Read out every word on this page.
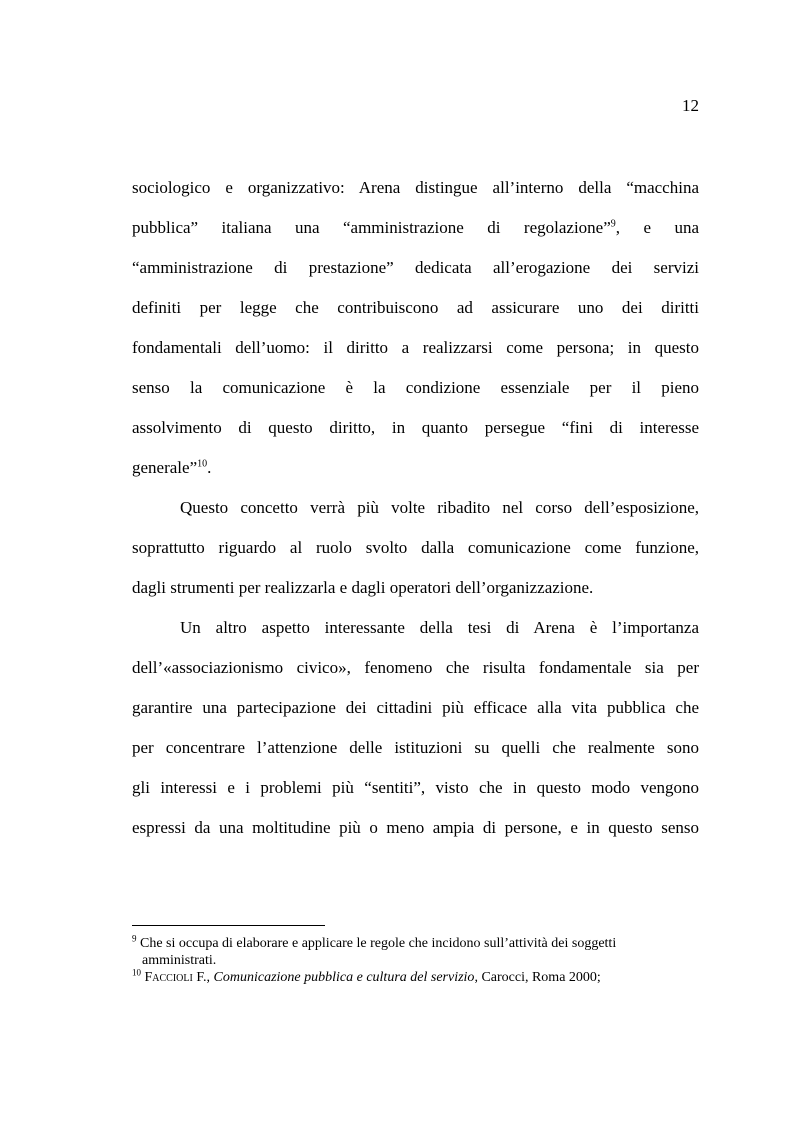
12

sociologico e organizzativo: Arena distingue all’interno della “macchina
pubblica” italiana una “amministrazione di regolazione”$^9$, e una
“amministrazione di prestazione” dedicata all’erogazione dei servizi
definiti per legge che contribuiscono ad assicurare uno dei diritti
fondamentali dell’uomo: il diritto a realizzarsi come persona; in questo
senso la comunicazione è la condizione essenziale per il pieno
assolvimento di questo diritto, in quanto persegue “fini di interesse
generale”$^{10}$.

Questo concetto verrà più volte ribadito nel corso dell’esposizione,
soprattutto riguardo al ruolo svolto dalla comunicazione come funzione,
dagli strumenti per realizzarla e dagli operatori dell’organizzazione.

Un altro aspetto interessante della tesi di Arena è l’importanza
dell’«associazionismo civico», fenomeno che risulta fondamentale sia per
garantire una partecipazione dei cittadini più efficace alla vita pubblica che
per concentrare l’attenzione delle istituzioni su quelli che realmente sono
gli interessi e i problemi più “sentiti”, visto che in questo modo vengono
espressi da una moltitudine più o meno ampia di persone, e in questo senso

$^9$ Che si occupa di elaborare e applicare le regole che incidono sull’attività dei soggetti
amministrati.

$^{10}$ Faccioli F., Comunicazione pubblica e cultura del servizio, Carocci, Roma 2000;
